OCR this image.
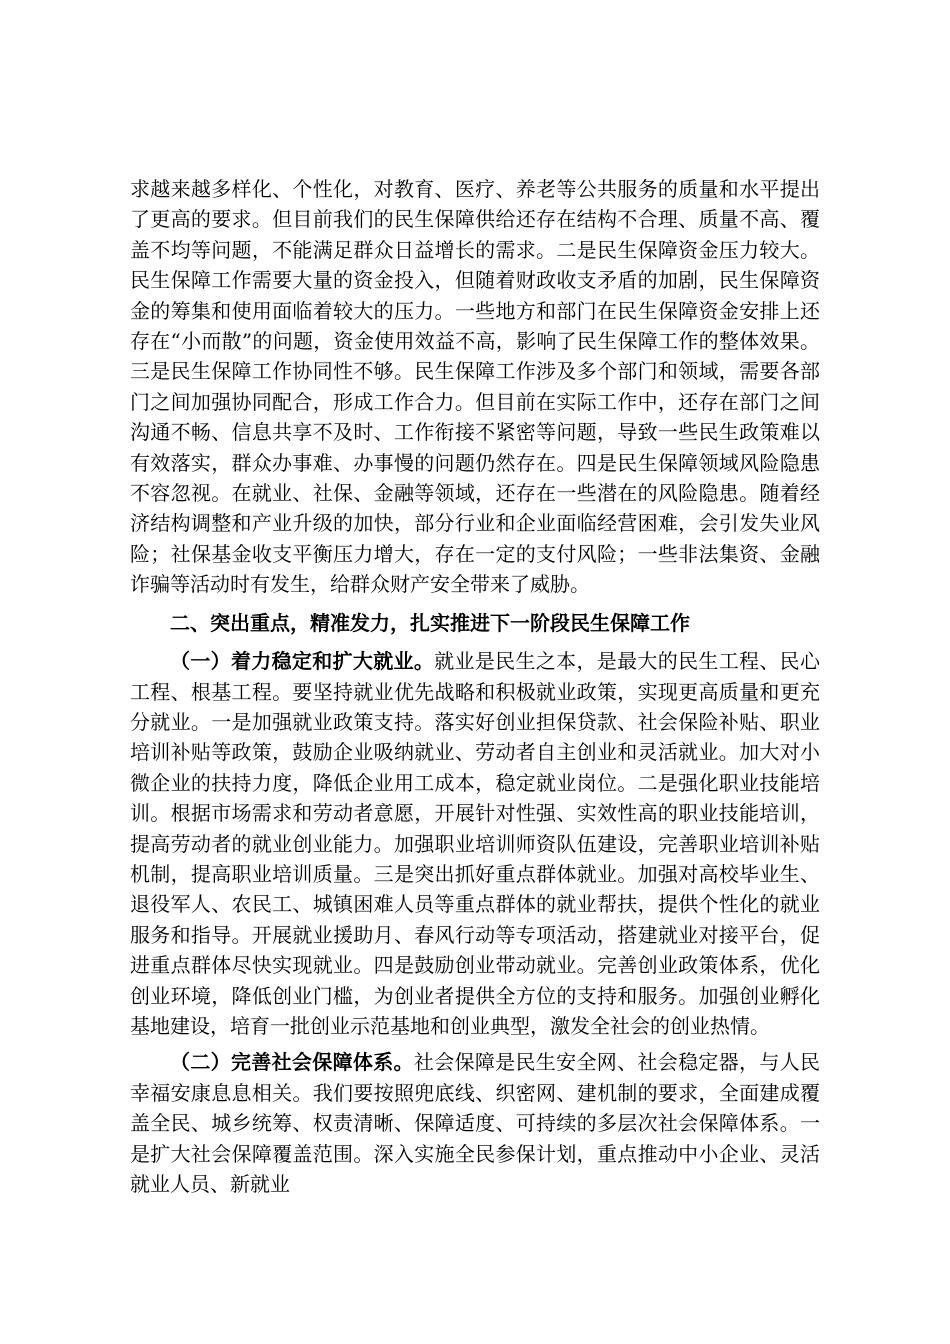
求越来越多样化、个性化，对教育、医疗、养老等公共服务的质量和水平提出了更高的要求。但目前我们的民生保障供给还存在结构不合理、质量不高、覆盖不均等问题，不能满足群众日益增长的需求。二是民生保障资金压力较大。民生保障工作需要大量的资金投入，但随着财政收支矛盾的加剧，民生保障资金的筹集和使用面临着较大的压力。一些地方和部门在民生保障资金安排上还存在“小而散”的问题，资金使用效益不高，影响了民生保障工作的整体效果。三是民生保障工作协同性不够。民生保障工作涉及多个部门和领域，需要各部门之间加强协同配合，形成工作合力。但目前在实际工作中，还存在部门之间沟通不畅、信息共享不及时、工作衔接不紧密等问题，导致一些民生政策难以有效落实，群众办事难、办事慢的问题仍然存在。四是民生保障领域风险隐患不容忽视。在就业、社保、金融等领域，还存在一些潜在的风险隐患。随着经济结构调整和产业升级的加快，部分行业和企业面临经营困难，会引发失业风险；社保基金收支平衡压力增大，存在一定的支付风险；一些非法集资、金融诈骗等活动时有发生，给群众财产安全带来了威胁。

二、突出重点，精准发力，扎实推进下一阶段民生保障工作

（一）着力稳定和扩大就业。就业是民生之本，是最大的民生工程、民心工程、根基工程。要坚持就业优先战略和积极就业政策，实现更高质量和更充分就业。一是加强就业政策支持。落实好创业担保贷款、社会保险补贴、职业培训补贴等政策，鼓励企业吸纳就业、劳动者自主创业和灵活就业。加大对小微企业的扶持力度，降低企业用工成本，稳定就业岗位。二是强化职业技能培训。根据市场需求和劳动者意愿，开展针对性强、实效性高的职业技能培训，提高劳动者的就业创业能力。加强职业培训师资队伍建设，完善职业培训补贴机制，提高职业培训质量。三是突出抓好重点群体就业。加强对高校毕业生、退役军人、农民工、城镇困难人员等重点群体的就业帮扶，提供个性化的就业服务和指导。开展就业援助月、春风行动等专项活动，搭建就业对接平台，促进重点群体尽快实现就业。四是鼓励创业带动就业。完善创业政策体系，优化创业环境，降低创业门槛，为创业者提供全方位的支持和服务。加强创业孵化基地建设，培育一批创业示范基地和创业典型，激发全社会的创业热情。

（二）完善社会保障体系。社会保障是民生安全网、社会稳定器，与人民幸福安康息息相关。我们要按照兜底线、织密网、建机制的要求，全面建成覆盖全民、城乡统筹、权责清晰、保障适度、可持续的多层次社会保障体系。一是扩大社会保障覆盖范围。深入实施全民参保计划，重点推动中小企业、灵活就业人员、新就业
